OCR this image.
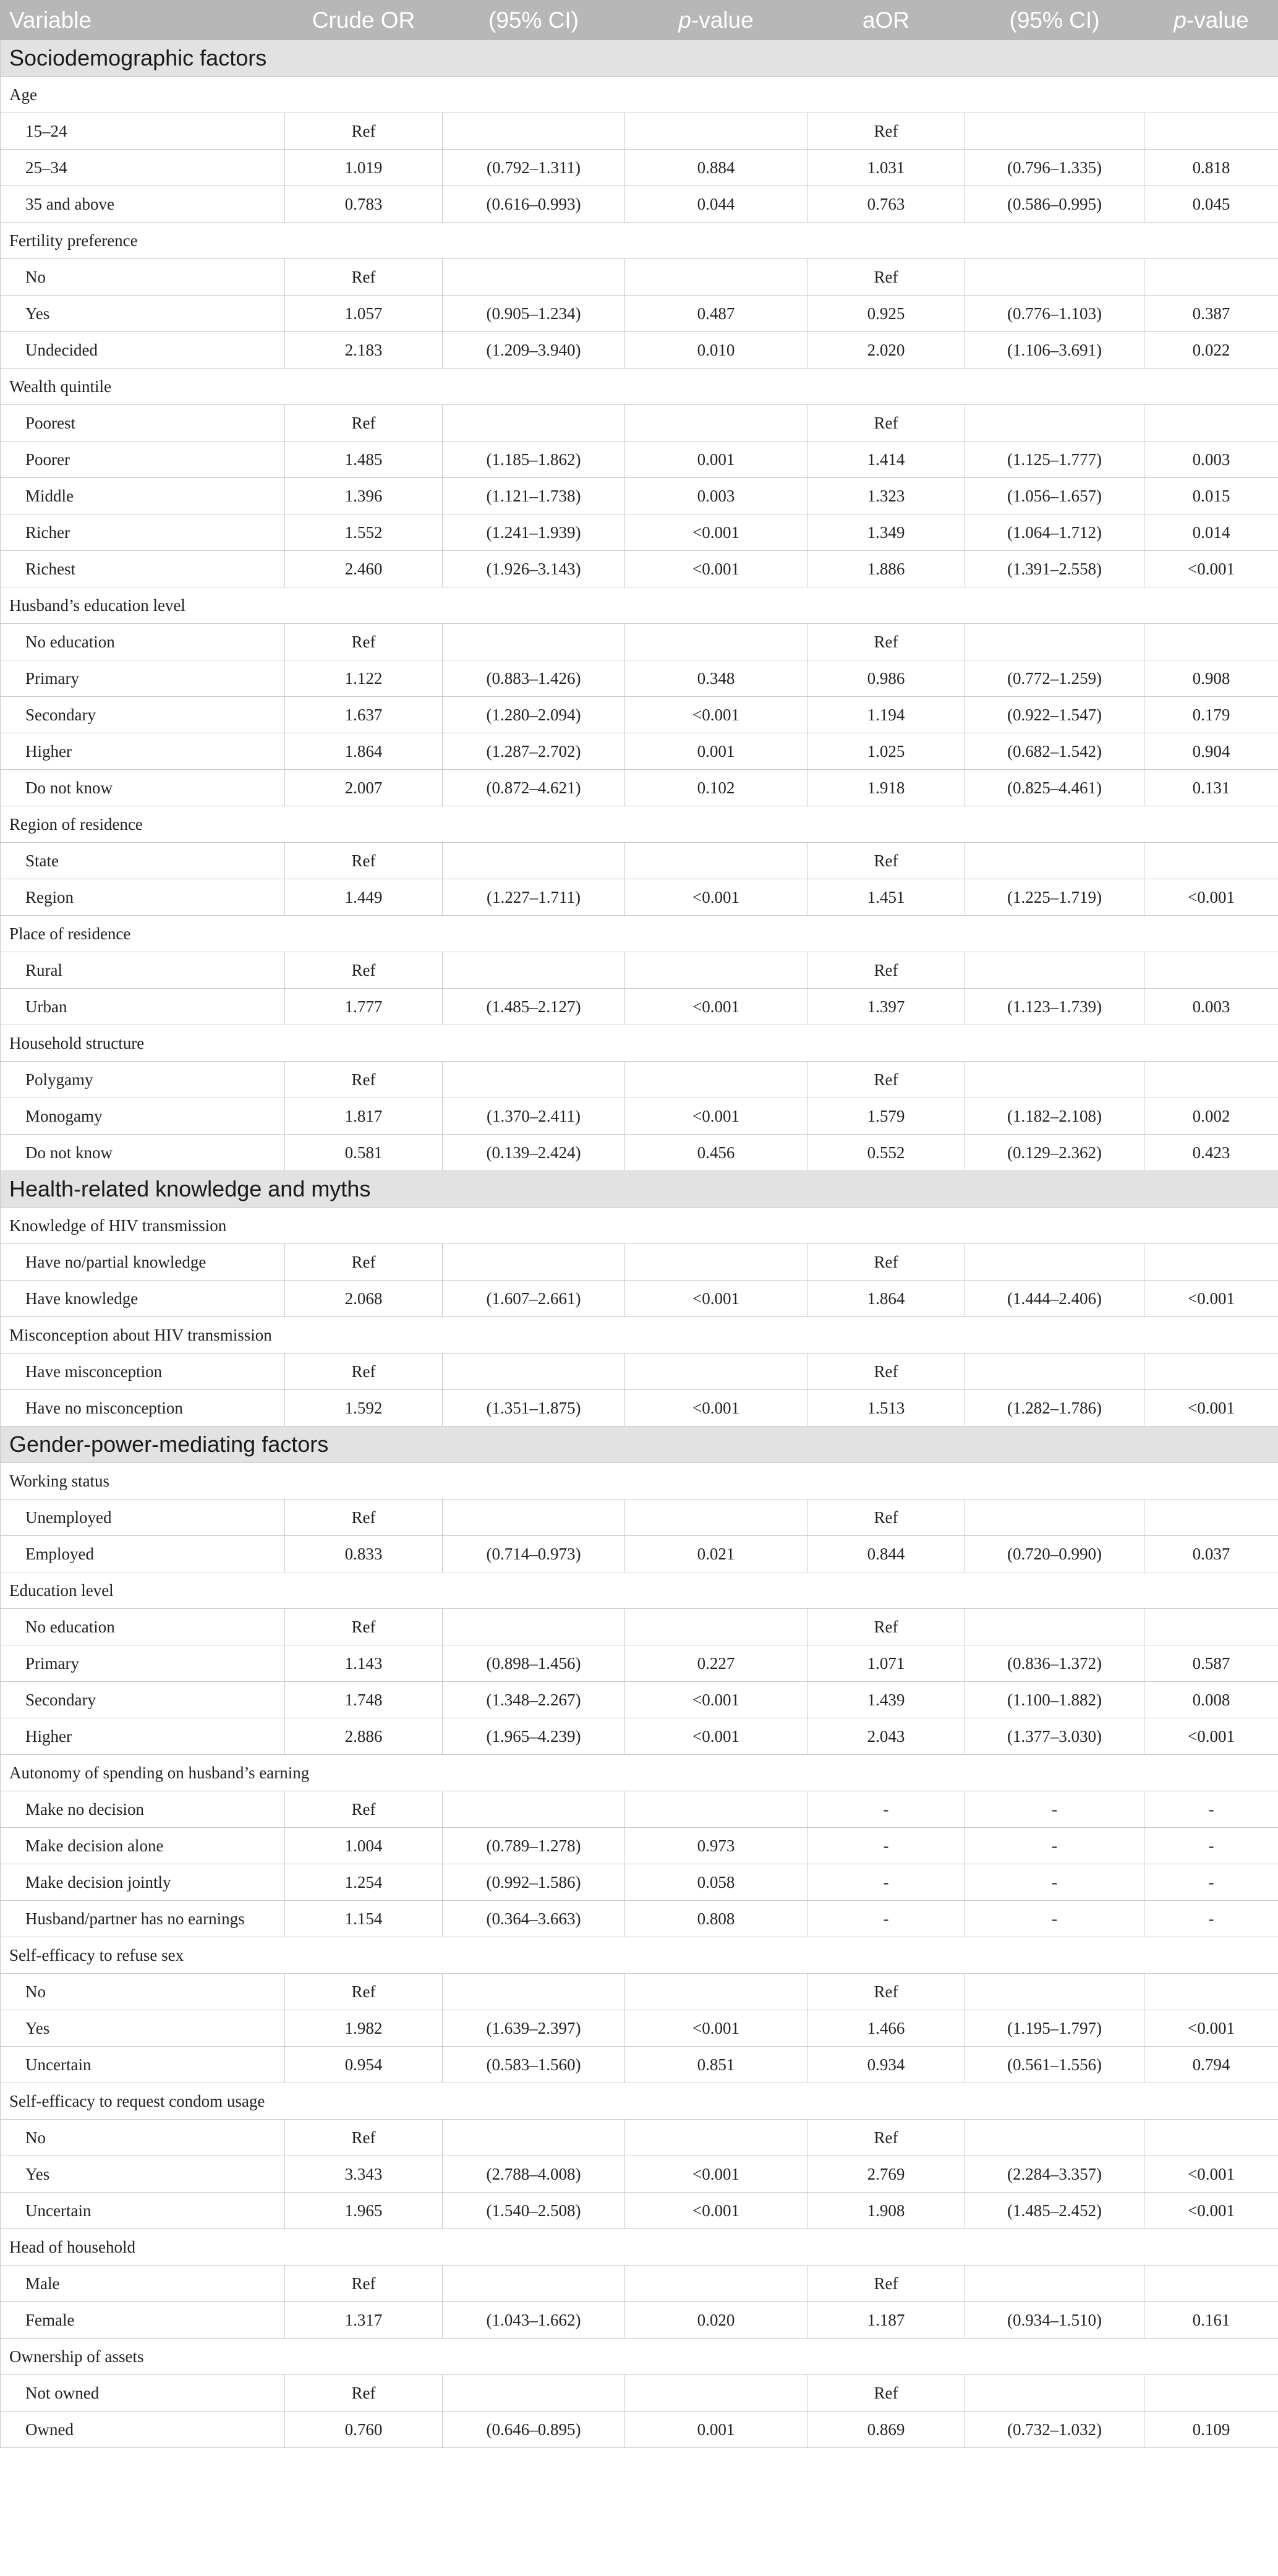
Variable	Crude OR	(95% CI)	p-value	aOR	(95% CI)	p-value
Sociodemographic factors						
Age						
15–24	Ref			Ref		
25–34	1.019	(0.792–1.311)	0.884	1.031	(0.796–1.335)	0.818
35 and above	0.783	(0.616–0.993)	0.044	0.763	(0.586–0.995)	0.045
Fertility preference						
No	Ref			Ref		
Yes	1.057	(0.905–1.234)	0.487	0.925	(0.776–1.103)	0.387
Undecided	2.183	(1.209–3.940)	0.010	2.020	(1.106–3.691)	0.022
Wealth quintile						
Poorest	Ref			Ref		
Poorer	1.485	(1.185–1.862)	0.001	1.414	(1.125–1.777)	0.003
Middle	1.396	(1.121–1.738)	0.003	1.323	(1.056–1.657)	0.015
Richer	1.552	(1.241–1.939)	<0.001	1.349	(1.064–1.712)	0.014
Richest	2.460	(1.926–3.143)	<0.001	1.886	(1.391–2.558)	<0.001
Husband’s education level						
No education	Ref			Ref		
Primary	1.122	(0.883–1.426)	0.348	0.986	(0.772–1.259)	0.908
Secondary	1.637	(1.280–2.094)	<0.001	1.194	(0.922–1.547)	0.179
Higher	1.864	(1.287–2.702)	0.001	1.025	(0.682–1.542)	0.904
Do not know	2.007	(0.872–4.621)	0.102	1.918	(0.825–4.461)	0.131
Region of residence						
State	Ref			Ref		
Region	1.449	(1.227–1.711)	<0.001	1.451	(1.225–1.719)	<0.001
Place of residence						
Rural	Ref			Ref		
Urban	1.777	(1.485–2.127)	<0.001	1.397	(1.123–1.739)	0.003
Household structure						
Polygamy	Ref			Ref		
Monogamy	1.817	(1.370–2.411)	<0.001	1.579	(1.182–2.108)	0.002
Do not know	0.581	(0.139–2.424)	0.456	0.552	(0.129–2.362)	0.423
Health-related knowledge and myths						
Knowledge of HIV transmission						
Have no/partial knowledge	Ref			Ref		
Have knowledge	2.068	(1.607–2.661)	<0.001	1.864	(1.444–2.406)	<0.001
Misconception about HIV transmission						
Have misconception	Ref			Ref		
Have no misconception	1.592	(1.351–1.875)	<0.001	1.513	(1.282–1.786)	<0.001
Gender-power-mediating factors						
Working status						
Unemployed	Ref			Ref		
Employed	0.833	(0.714–0.973)	0.021	0.844	(0.720–0.990)	0.037
Education level						
No education	Ref			Ref		
Primary	1.143	(0.898–1.456)	0.227	1.071	(0.836–1.372)	0.587
Secondary	1.748	(1.348–2.267)	<0.001	1.439	(1.100–1.882)	0.008
Higher	2.886	(1.965–4.239)	<0.001	2.043	(1.377–3.030)	<0.001
Autonomy of spending on husband’s earning						
Make no decision	Ref			-	-	-
Make decision alone	1.004	(0.789–1.278)	0.973	-	-	-
Make decision jointly	1.254	(0.992–1.586)	0.058	-	-	-
Husband/partner has no earnings	1.154	(0.364–3.663)	0.808	-	-	-
Self-efficacy to refuse sex						
No	Ref			Ref		
Yes	1.982	(1.639–2.397)	<0.001	1.466	(1.195–1.797)	<0.001
Uncertain	0.954	(0.583–1.560)	0.851	0.934	(0.561–1.556)	0.794
Self-efficacy to request condom usage						
No	Ref			Ref		
Yes	3.343	(2.788–4.008)	<0.001	2.769	(2.284–3.357)	<0.001
Uncertain	1.965	(1.540–2.508)	<0.001	1.908	(1.485–2.452)	<0.001
Head of household						
Male	Ref			Ref		
Female	1.317	(1.043–1.662)	0.020	1.187	(0.934–1.510)	0.161
Ownership of assets						
Not owned	Ref			Ref		
Owned	0.760	(0.646–0.895)	0.001	0.869	(0.732–1.032)	0.109
